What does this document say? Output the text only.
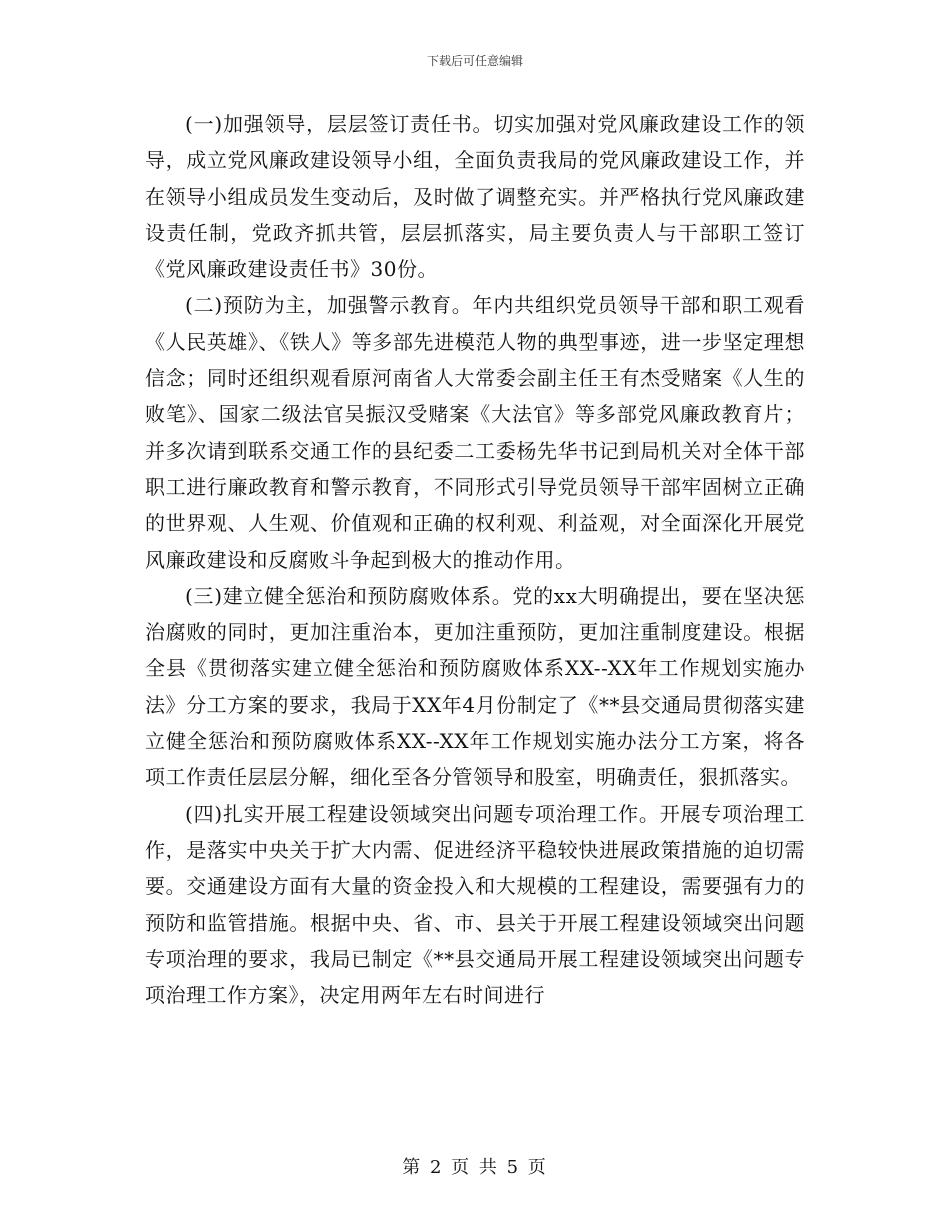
下载后可任意编辑

(一)加强领导，层层签订责任书。切实加强对党风廉政建设工作的领导，成立党风廉政建设领导小组，全面负责我局的党风廉政建设工作，并在领导小组成员发生变动后，及时做了调整充实。并严格执行党风廉政建设责任制，党政齐抓共管，层层抓落实，局主要负责人与干部职工签订《党风廉政建设责任书》30份。

(二)预防为主，加强警示教育。年内共组织党员领导干部和职工观看《人民英雄》、《铁人》等多部先进模范人物的典型事迹，进一步坚定理想信念；同时还组织观看原河南省人大常委会副主任王有杰受赌案《人生的败笔》、国家二级法官吴振汉受赌案《大法官》等多部党风廉政教育片；并多次请到联系交通工作的县纪委二工委杨先华书记到局机关对全体干部职工进行廉政教育和警示教育，不同形式引导党员领导干部牢固树立正确的世界观、人生观、价值观和正确的权利观、利益观，对全面深化开展党风廉政建设和反腐败斗争起到极大的推动作用。

(三)建立健全惩治和预防腐败体系。党的xx大明确提出，要在坚决惩治腐败的同时，更加注重治本，更加注重预防，更加注重制度建设。根据全县《贯彻落实建立健全惩治和预防腐败体系XX--XX年工作规划实施办法》分工方案的要求，我局于XX年4月份制定了《**县交通局贯彻落实建立健全惩治和预防腐败体系XX--XX年工作规划实施办法分工方案，将各项工作责任层层分解，细化至各分管领导和股室，明确责任，狠抓落实。

(四)扎实开展工程建设领域突出问题专项治理工作。开展专项治理工作，是落实中央关于扩大内需、促进经济平稳较快进展政策措施的迫切需要。交通建设方面有大量的资金投入和大规模的工程建设，需要强有力的预防和监管措施。根据中央、省、市、县关于开展工程建设领域突出问题专项治理的要求，我局已制定《**县交通局开展工程建设领域突出问题专项治理工作方案》，决定用两年左右时间进行

第 2 页 共 5 页
